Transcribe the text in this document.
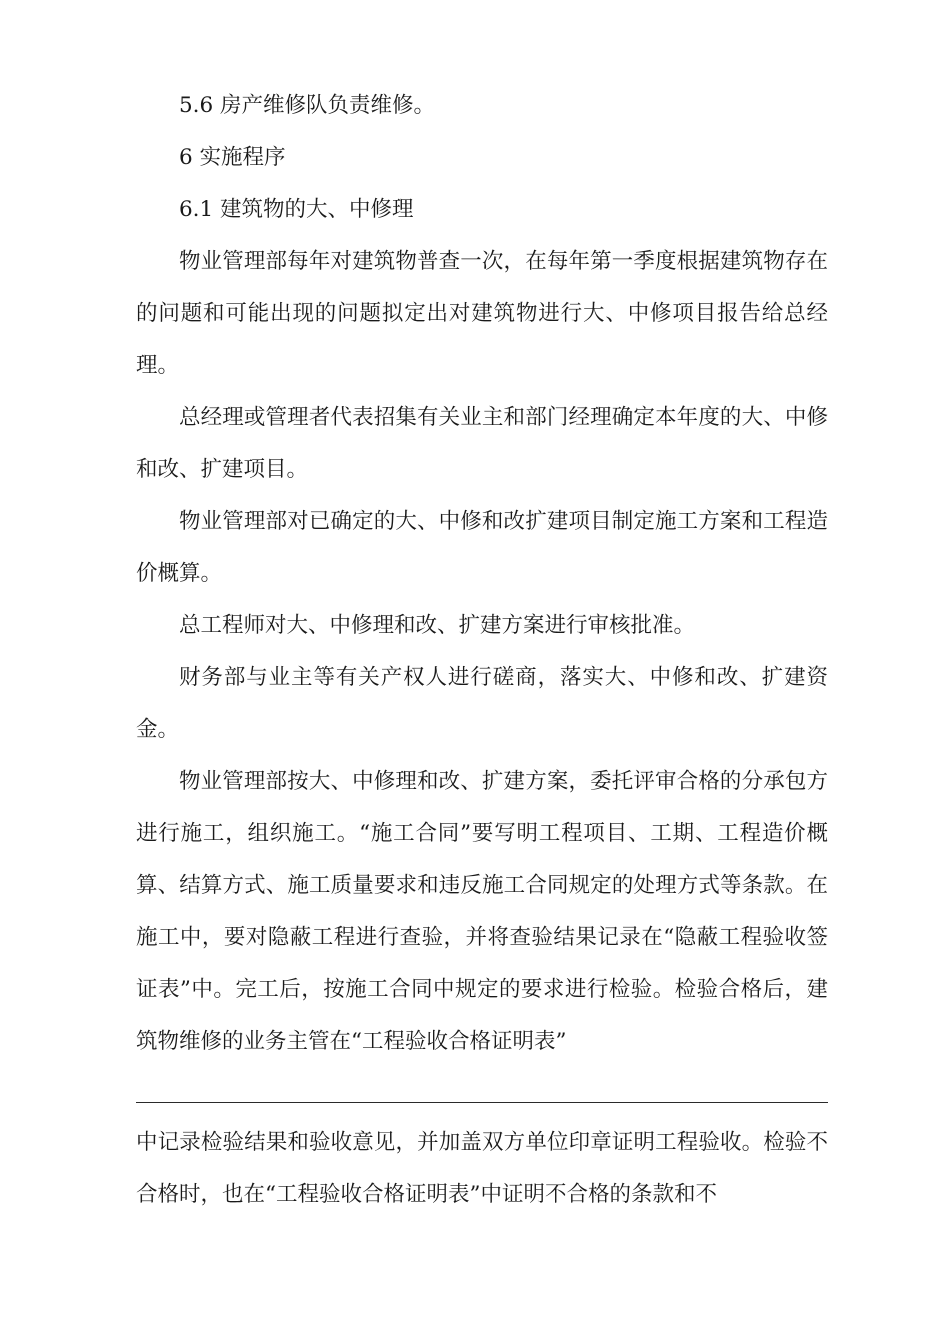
5.6 房产维修队负责维修。

6 实施程序

6.1 建筑物的大、中修理

物业管理部每年对建筑物普查一次，在每年第一季度根据建筑物存在的问题和可能出现的问题拟定出对建筑物进行大、中修项目报告给总经理。

总经理或管理者代表招集有关业主和部门经理确定本年度的大、中修和改、扩建项目。

物业管理部对已确定的大、中修和改扩建项目制定施工方案和工程造价概算。

总工程师对大、中修理和改、扩建方案进行审核批准。

财务部与业主等有关产权人进行磋商，落实大、中修和改、扩建资金。

物业管理部按大、中修理和改、扩建方案，委托评审合格的分承包方进行施工，组织施工。“施工合同”要写明工程项目、工期、工程造价概算、结算方式、施工质量要求和违反施工合同规定的处理方式等条款。在施工中，要对隐蔽工程进行查验，并将查验结果记录在“隐蔽工程验收签证表”中。完工后，按施工合同中规定的要求进行检验。检验合格后，建筑物维修的业务主管在“工程验收合格证明表”

中记录检验结果和验收意见，并加盖双方单位印章证明工程验收。检验不合格时，也在“工程验收合格证明表”中证明不合格的条款和不
